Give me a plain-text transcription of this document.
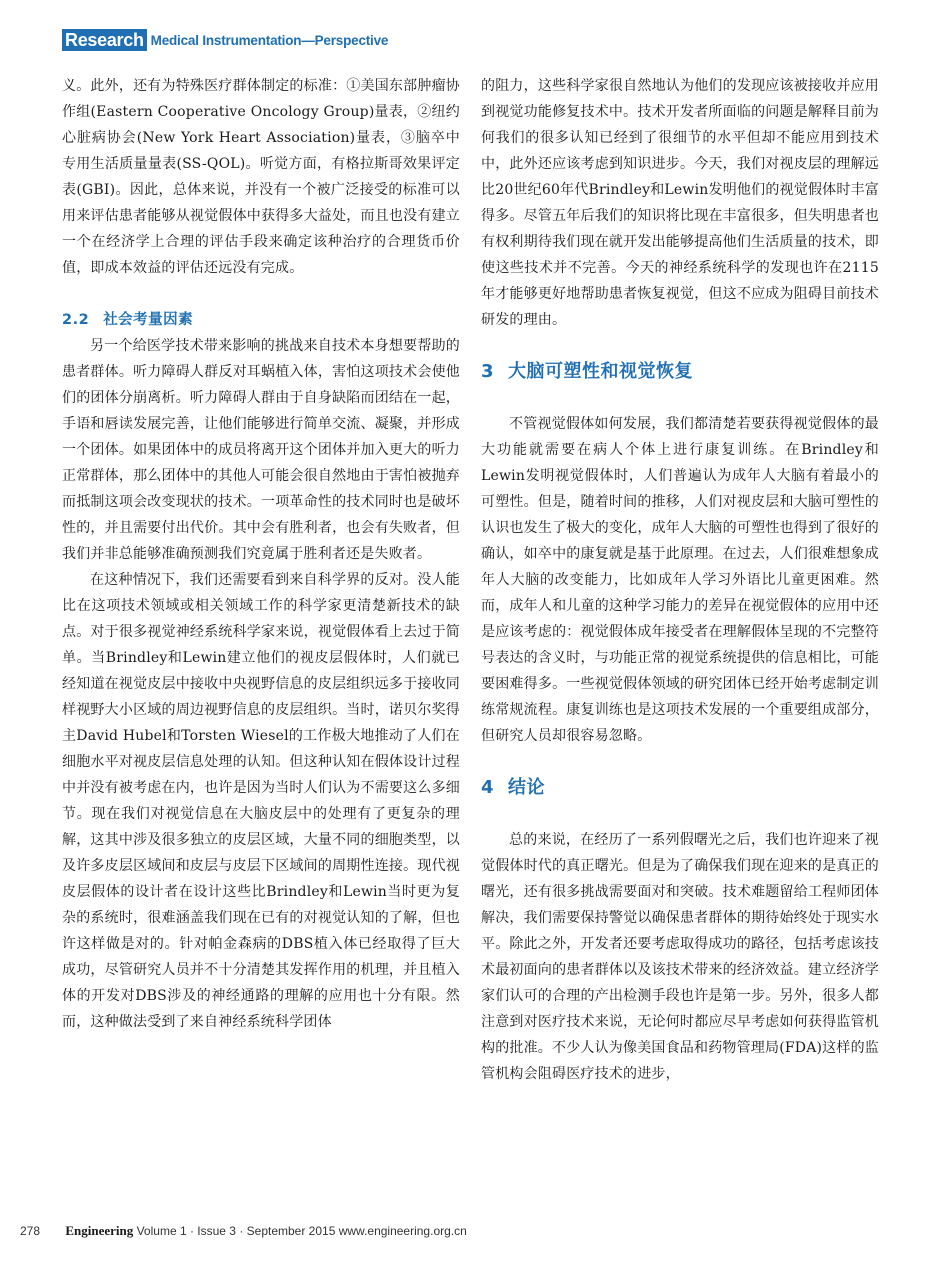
Research Medical Instrumentation—Perspective

义。此外，还有为特殊医疗群体制定的标准：①美国东部肿瘤协作组(Eastern Cooperative Oncology Group)量表，②纽约心脏病协会(New York Heart Association)量表，③脑卒中专用生活质量量表(SS-QOL)。听觉方面，有格拉斯哥效果评定表(GBI)。因此，总体来说，并没有一个被广泛接受的标准可以用来评估患者能够从视觉假体中获得多大益处，而且也没有建立一个在经济学上合理的评估手段来确定该种治疗的合理货币价值，即成本效益的评估还远没有完成。

2.2 社会考量因素

另一个给医学技术带来影响的挑战来自技术本身想要帮助的患者群体。听力障碍人群反对耳蜗植入体，害怕这项技术会使他们的团体分崩离析。听力障碍人群由于自身缺陷而团结在一起，手语和唇读发展完善，让他们能够进行简单交流、凝聚，并形成一个团体。如果团体中的成员将离开这个团体并加入更大的听力正常群体，那么团体中的其他人可能会很自然地由于害怕被抛弃而抵制这项会改变现状的技术。一项革命性的技术同时也是破坏性的，并且需要付出代价。其中会有胜利者，也会有失败者，但我们并非总能够准确预测我们究竟属于胜利者还是失败者。

在这种情况下，我们还需要看到来自科学界的反对。没人能比在这项技术领域或相关领域工作的科学家更清楚新技术的缺点。对于很多视觉神经系统科学家来说，视觉假体看上去过于简单。当Brindley和Lewin建立他们的视皮层假体时，人们就已经知道在视觉皮层中接收中央视野信息的皮层组织远多于接收同样视野大小区域的周边视野信息的皮层组织。当时，诺贝尔奖得主David Hubel和Torsten Wiesel的工作极大地推动了人们在细胞水平对视皮层信息处理的认知。但这种认知在假体设计过程中并没有被考虑在内，也许是因为当时人们认为不需要这么多细节。现在我们对视觉信息在大脑皮层中的处理有了更复杂的理解，这其中涉及很多独立的皮层区域，大量不同的细胞类型，以及许多皮层区域间和皮层与皮层下区域间的周期性连接。现代视皮层假体的设计者在设计这些比Brindley和Lewin当时更为复杂的系统时，很难涵盖我们现在已有的对视觉认知的了解，但也许这样做是对的。针对帕金森病的DBS植入体已经取得了巨大成功，尽管研究人员并不十分清楚其发挥作用的机理，并且植入体的开发对DBS涉及的神经通路的理解的应用也十分有限。然而，这种做法受到了来自神经系统科学团体

的阻力，这些科学家很自然地认为他们的发现应该被接收并应用到视觉功能修复技术中。技术开发者所面临的问题是解释目前为何我们的很多认知已经到了很细节的水平但却不能应用到技术中，此外还应该考虑到知识进步。今天，我们对视皮层的理解远比20世纪60年代Brindley和Lewin发明他们的视觉假体时丰富得多。尽管五年后我们的知识将比现在丰富很多，但失明患者也有权利期待我们现在就开发出能够提高他们生活质量的技术，即使这些技术并不完善。今天的神经系统科学的发现也许在2115年才能够更好地帮助患者恢复视觉，但这不应成为阻碍目前技术研发的理由。

3 大脑可塑性和视觉恢复

不管视觉假体如何发展，我们都清楚若要获得视觉假体的最大功能就需要在病人个体上进行康复训练。在Brindley和Lewin发明视觉假体时，人们普遍认为成年人大脑有着最小的可塑性。但是，随着时间的推移，人们对视皮层和大脑可塑性的认识也发生了极大的变化，成年人大脑的可塑性也得到了很好的确认，如卒中的康复就是基于此原理。在过去，人们很难想象成年人大脑的改变能力，比如成年人学习外语比儿童更困难。然而，成年人和儿童的这种学习能力的差异在视觉假体的应用中还是应该考虑的：视觉假体成年接受者在理解假体呈现的不完整符号表达的含义时，与功能正常的视觉系统提供的信息相比，可能要困难得多。一些视觉假体领域的研究团体已经开始考虑制定训练常规流程。康复训练也是这项技术发展的一个重要组成部分，但研究人员却很容易忽略。

4 结论

总的来说，在经历了一系列假曙光之后，我们也许迎来了视觉假体时代的真正曙光。但是为了确保我们现在迎来的是真正的曙光，还有很多挑战需要面对和突破。技术难题留给工程师团体解决，我们需要保持警觉以确保患者群体的期待始终处于现实水平。除此之外，开发者还要考虑取得成功的路径，包括考虑该技术最初面向的患者群体以及该技术带来的经济效益。建立经济学家们认可的合理的产出检测手段也许是第一步。另外，很多人都注意到对医疗技术来说，无论何时都应尽早考虑如何获得监管机构的批准。不少人认为像美国食品和药物管理局(FDA)这样的监管机构会阻碍医疗技术的进步，

278 Engineering Volume 1 · Issue 3 · September 2015 www.engineering.org.cn
